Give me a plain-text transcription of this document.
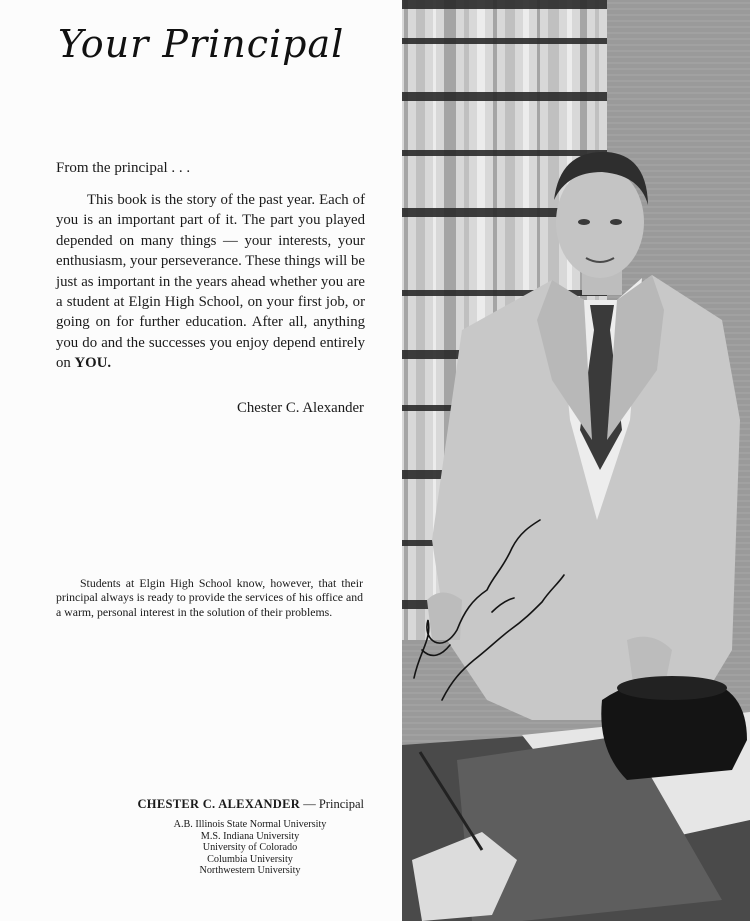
Your Principal

From the principal . . .

This book is the story of the past year. Each of you is an important part of it. The part you played depended on many things — your interests, your enthusiasm, your perseverance. These things will be just as important in the years ahead whether you are a student at Elgin High School, on your first job, or going on for further education. After all, anything you do and the successes you enjoy depend entirely on YOU.

Chester C. Alexander

Students at Elgin High School know, however, that their principal always is ready to provide the services of his office and a warm, personal interest in the solution of their problems.

CHESTER C. ALEXANDER — Principal

A.B. Illinois State Normal University
M.S. Indiana University
University of Colorado
Columbia University
Northwestern University
